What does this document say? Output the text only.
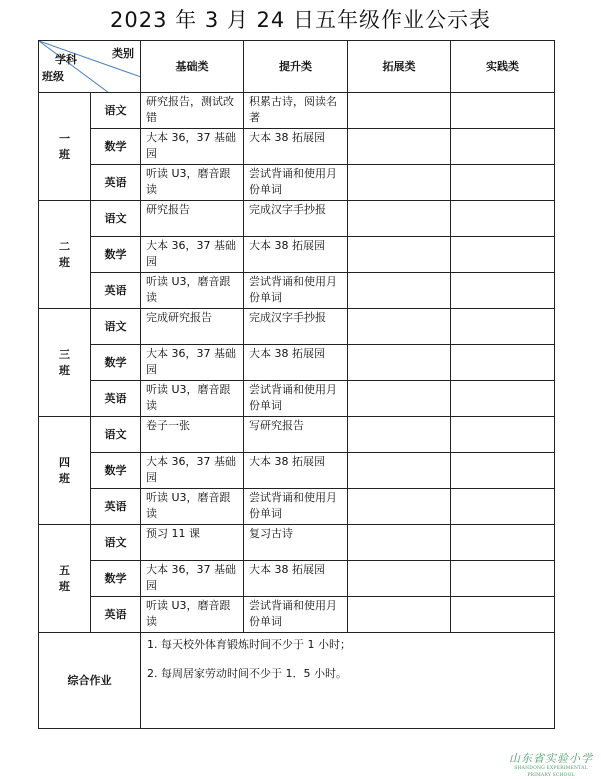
2023 年 3 月 24 日五年级作业公示表
类别
学科
班级		基础类	提升类	拓展类	实践类
一
班	语文	研究报告，测试改错	积累古诗，阅读名著		
	数学	大本 36，37 基础园	大本 38 拓展园		
	英语	听读 U3，磨音跟读	尝试背诵和使用月份单词		
二
班	语文	研究报告	完成汉字手抄报		
	数学	大本 36，37 基础园	大本 38 拓展园		
	英语	听读 U3，磨音跟读	尝试背诵和使用月份单词		
三
班	语文	完成研究报告	完成汉字手抄报		
	数学	大本 36，37 基础园	大本 38 拓展园		
	英语	听读 U3，磨音跟读	尝试背诵和使用月份单词		
四
班	语文	卷子一张	写研究报告		
	数学	大本 36，37 基础园	大本 38 拓展园		
	英语	听读 U3，磨音跟读	尝试背诵和使用月份单词		
五
班	语文	预习 11 课	复习古诗		
	数学	大本 36，37 基础园	大本 38 拓展园		
	英语	听读 U3，磨音跟读	尝试背诵和使用月份单词		
综合作业		1. 每天校外体育锻炼时间不少于 1 小时；
2. 每周居家劳动时间不少于 1．5 小时。			
山东省实验小学
SHANDONG EXPERIMENTAL PRIMARY SCHOOL
